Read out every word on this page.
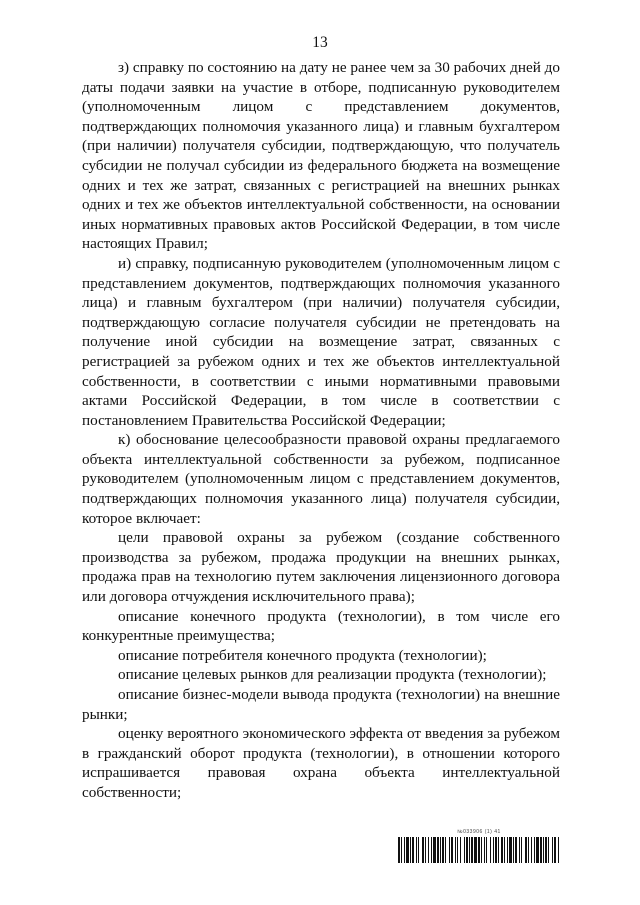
13

з) справку по состоянию на дату не ранее чем за 30 рабочих дней до даты подачи заявки на участие в отборе, подписанную руководителем (уполномоченным лицом с представлением документов, подтверждающих полномочия указанного лица) и главным бухгалтером (при наличии) получателя субсидии, подтверждающую, что получатель субсидии не получал субсидии из федерального бюджета на возмещение одних и тех же затрат, связанных с регистрацией на внешних рынках одних и тех же объектов интеллектуальной собственности, на основании иных нормативных правовых актов Российской Федерации, в том числе настоящих Правил;

и) справку, подписанную руководителем (уполномоченным лицом с представлением документов, подтверждающих полномочия указанного лица) и главным бухгалтером (при наличии) получателя субсидии, подтверждающую согласие получателя субсидии не претендовать на получение иной субсидии на возмещение затрат, связанных с регистрацией за рубежом одних и тех же объектов интеллектуальной собственности, в соответствии с иными нормативными правовыми актами Российской Федерации, в том числе в соответствии с постановлением Правительства Российской Федерации;

к) обоснование целесообразности правовой охраны предлагаемого объекта интеллектуальной собственности за рубежом, подписанное руководителем (уполномоченным лицом с представлением документов, подтверждающих полномочия указанного лица) получателя субсидии, которое включает:

цели правовой охраны за рубежом (создание собственного производства за рубежом, продажа продукции на внешних рынках, продажа прав на технологию путем заключения лицензионного договора или договора отчуждения исключительного права);

описание конечного продукта (технологии), в том числе его конкурентные преимущества;

описание потребителя конечного продукта (технологии);

описание целевых рынков для реализации продукта (технологии);

описание бизнес-модели вывода продукта (технологии) на внешние рынки;

оценку вероятного экономического эффекта от введения за рубежом в гражданский оборот продукта (технологии), в отношении которого испрашивается правовая охрана объекта интеллектуальной собственности;

№033906 (1) 41
